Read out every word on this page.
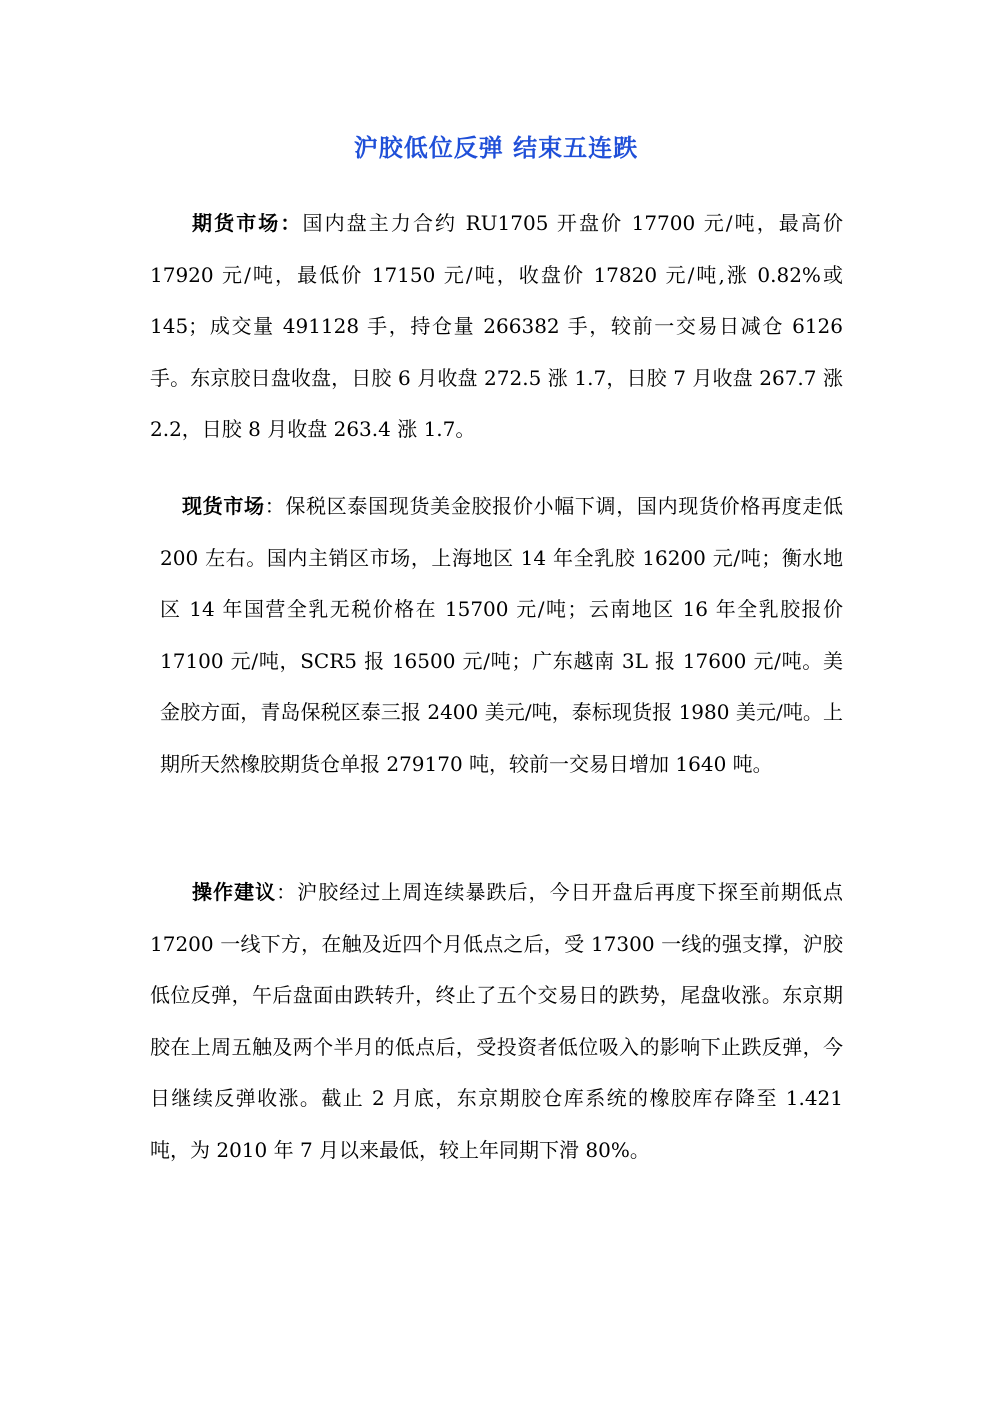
沪胶低位反弹 结束五连跌

期货市场：国内盘主力合约 RU1705 开盘价 17700 元/吨，最高价 17920 元/吨，最低价 17150 元/吨，收盘价 17820 元/吨,涨 0.82%或 145；成交量 491128 手，持仓量 266382 手，较前一交易日减仓 6126 手。东京胶日盘收盘，日胶 6 月收盘 272.5 涨 1.7，日胶 7 月收盘 267.7 涨 2.2，日胶 8 月收盘 263.4 涨 1.7。

现货市场：保税区泰国现货美金胶报价小幅下调，国内现货价格再度走低 200 左右。国内主销区市场，上海地区 14 年全乳胶 16200 元/吨；衡水地区 14 年国营全乳无税价格在 15700 元/吨；云南地区 16 年全乳胶报价 17100 元/吨，SCR5 报 16500 元/吨；广东越南 3L 报 17600 元/吨。美金胶方面，青岛保税区泰三报 2400 美元/吨，泰标现货报 1980 美元/吨。上期所天然橡胶期货仓单报 279170 吨，较前一交易日增加 1640 吨。

操作建议：沪胶经过上周连续暴跌后，今日开盘后再度下探至前期低点 17200 一线下方，在触及近四个月低点之后，受 17300 一线的强支撑，沪胶低位反弹，午后盘面由跌转升，终止了五个交易日的跌势，尾盘收涨。东京期胶在上周五触及两个半月的低点后，受投资者低位吸入的影响下止跌反弹，今日继续反弹收涨。截止 2 月底，东京期胶仓库系统的橡胶库存降至 1.421 吨，为 2010 年 7 月以来最低，较上年同期下滑 80%。
